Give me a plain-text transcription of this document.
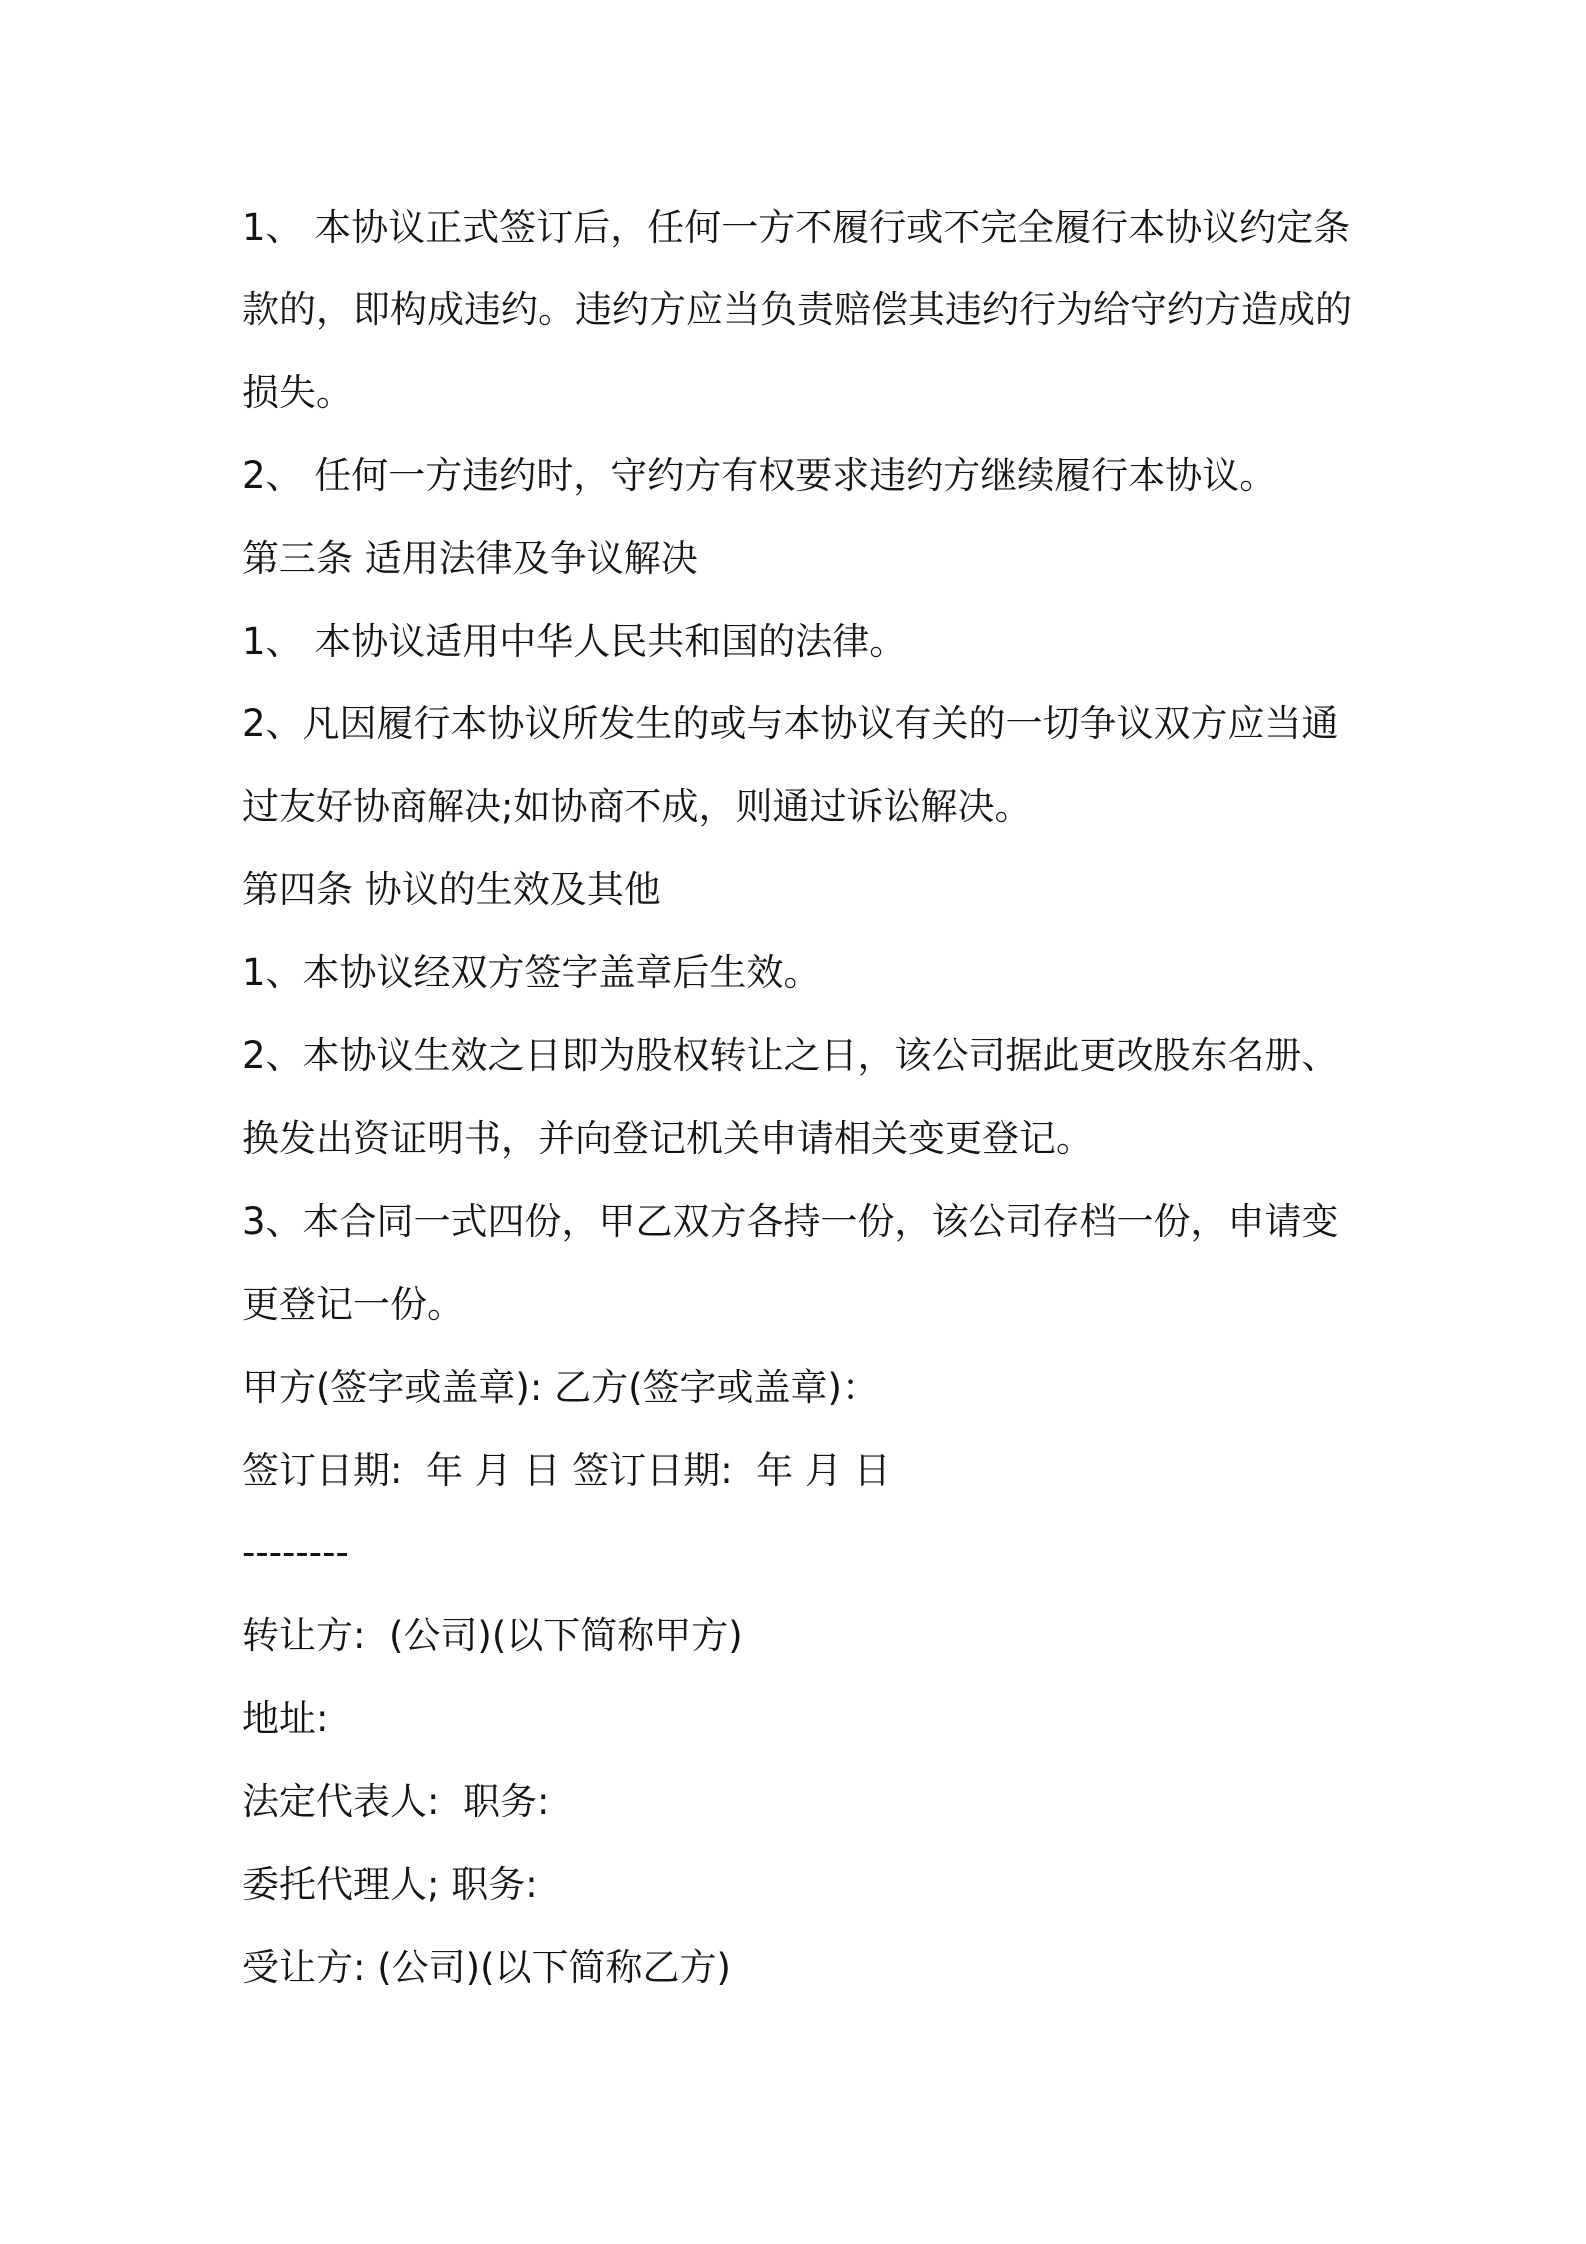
1、 本协议正式签订后，任何一方不履行或不完全履行本协议约定条
款的，即构成违约。违约方应当负责赔偿其违约行为给守约方造成的
损失。
2、 任何一方违约时，守约方有权要求违约方继续履行本协议。
第三条 适用法律及争议解决
1、 本协议适用中华人民共和国的法律。
2、凡因履行本协议所发生的或与本协议有关的一切争议双方应当通
过友好协商解决;如协商不成，则通过诉讼解决。
第四条 协议的生效及其他
1、本协议经双方签字盖章后生效。
2、本协议生效之日即为股权转让之日，该公司据此更改股东名册、
换发出资证明书，并向登记机关申请相关变更登记。
3、本合同一式四份，甲乙双方各持一份，该公司存档一份，申请变
更登记一份。
甲方(签字或盖章): 乙方(签字或盖章)：
签订日期:  年 月 日 签订日期:  年 月 日
--------
转让方:  (公司)(以下简称甲方)
地址:
法定代表人:  职务:
委托代理人; 职务:
受让方: (公司)(以下简称乙方)
